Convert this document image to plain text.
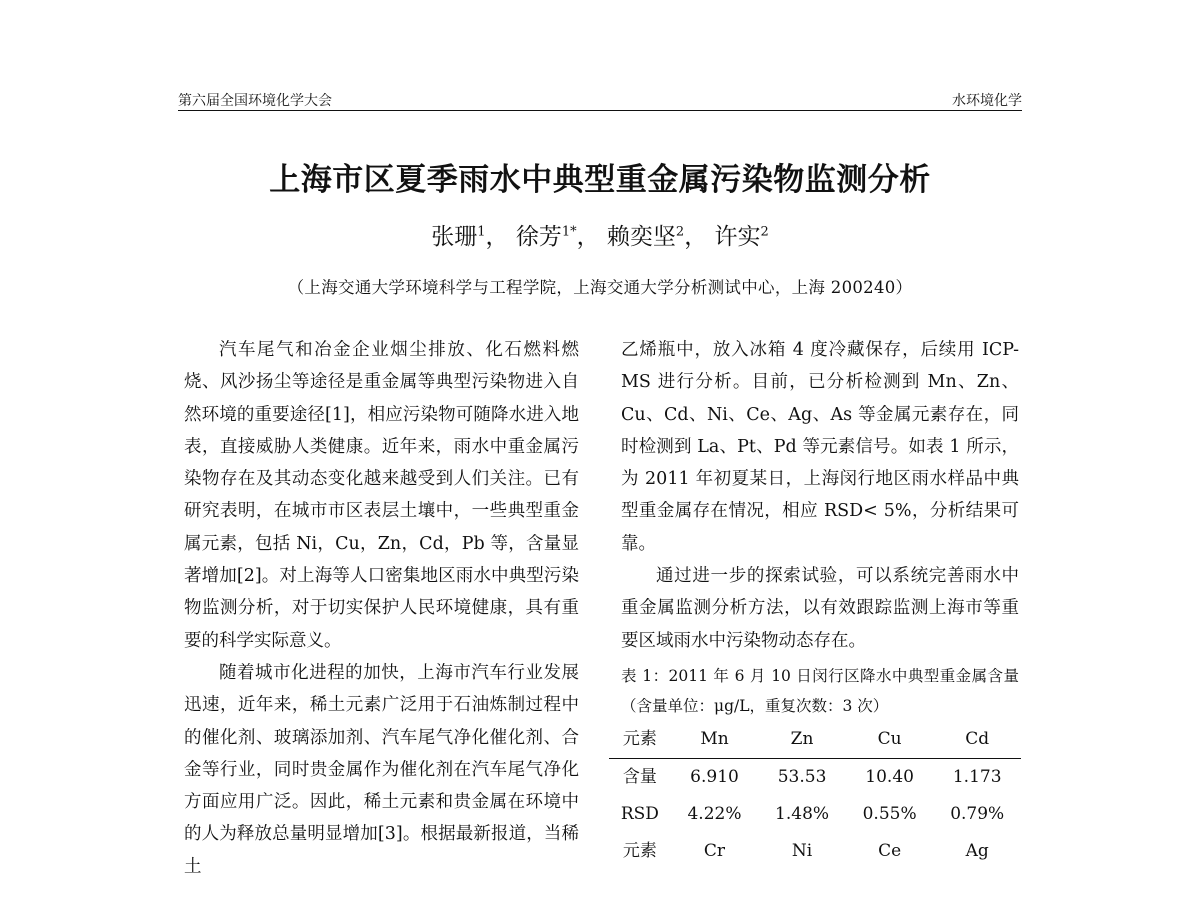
第六届全国环境化学大会	水环境化学
上海市区夏季雨水中典型重金属污染物监测分析
张珊$^1$， 徐芳$^{1*}$， 赖奕坚$^2$， 许实$^2$
（上海交通大学环境科学与工程学院，上海交通大学分析测试中心，上海 200240）

汽车尾气和冶金企业烟尘排放、化石燃料燃烧、风沙扬尘等途径是重金属等典型污染物进入自然环境的重要途径[1]，相应污染物可随降水进入地表，直接威胁人类健康。近年来，雨水中重金属污染物存在及其动态变化越来越受到人们关注。已有研究表明，在城市市区表层土壤中，一些典型重金属元素，包括 Ni，Cu，Zn，Cd，Pb 等，含量显著增加[2]。对上海等人口密集地区雨水中典型污染物监测分析，对于切实保护人民环境健康，具有重要的科学实际意义。

随着城市化进程的加快，上海市汽车行业发展迅速，近年来，稀土元素广泛用于石油炼制过程中的催化剂、玻璃添加剂、汽车尾气净化催化剂、合金等行业，同时贵金属作为催化剂在汽车尾气净化方面应用广泛。因此，稀土元素和贵金属在环境中的人为释放总量明显增加[3]。根据最新报道，当稀土

乙烯瓶中，放入冰箱 4 度冷藏保存，后续用 ICP-MS 进行分析。目前，已分析检测到 Mn、Zn、Cu、Cd、Ni、Ce、Ag、As 等金属元素存在，同时检测到 La、Pt、Pd 等元素信号。如表 1 所示，为 2011 年初夏某日，上海闵行地区雨水样品中典型重金属存在情况，相应 RSD< 5%，分析结果可靠。

通过进一步的探索试验，可以系统完善雨水中重金属监测分析方法，以有效跟踪监测上海市等重要区域雨水中污染物动态存在。

表 1：2011 年 6 月 10 日闵行区降水中典型重金属含量（含量单位：μg/L，重复次数：3 次）
元素	Mn	Zn	Cu	Cd
含量	6.910	53.53	10.40	1.173
RSD	4.22%	1.48%	0.55%	0.79%
元素	Cr	Ni	Ce	Ag
